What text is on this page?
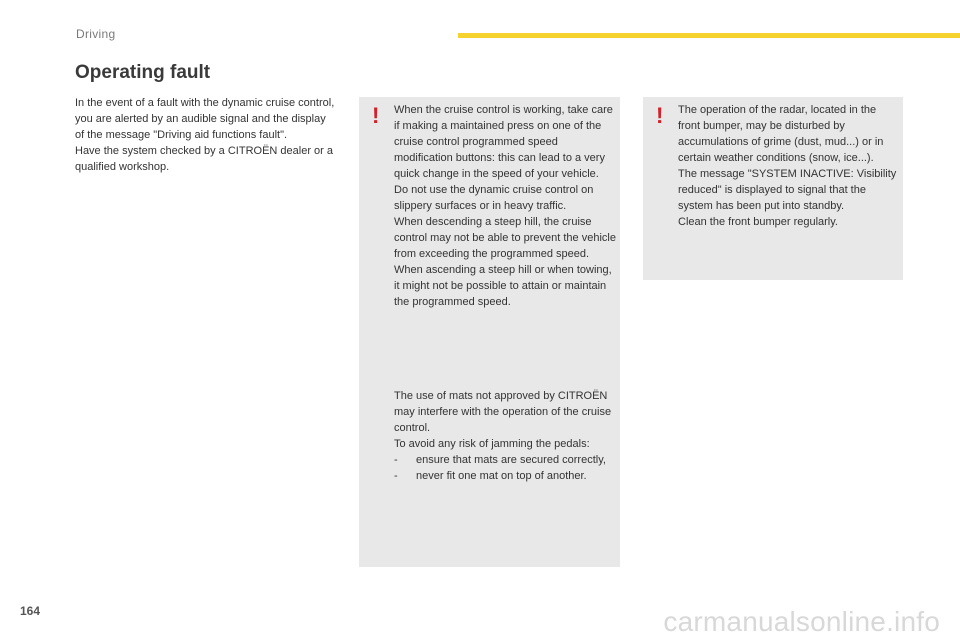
Driving
Operating fault

In the event of a fault with the dynamic cruise control, you are alerted by an audible signal and the display of the message "Driving aid functions fault".

Have the system checked by a CITROËN dealer or a qualified workshop.

! When the cruise control is working, take care if making a maintained press on one of the cruise control programmed speed modification buttons: this can lead to a very quick change in the speed of your vehicle.

Do not use the dynamic cruise control on slippery surfaces or in heavy traffic.

When descending a steep hill, the cruise control may not be able to prevent the vehicle from exceeding the programmed speed.

When ascending a steep hill or when towing, it might not be possible to attain or maintain the programmed speed.

The use of mats not approved by CITROËN may interfere with the operation of the cruise control.

To avoid any risk of jamming the pedals:

-	ensure that mats are secured correctly,

-	never fit one mat on top of another.

! The operation of the radar, located in the front bumper, may be disturbed by accumulations of grime (dust, mud...) or in certain weather conditions (snow, ice...).

The message "SYSTEM INACTIVE: Visibility reduced" is displayed to signal that the system has been put into standby.

Clean the front bumper regularly.

164	carmanualsonline.info
